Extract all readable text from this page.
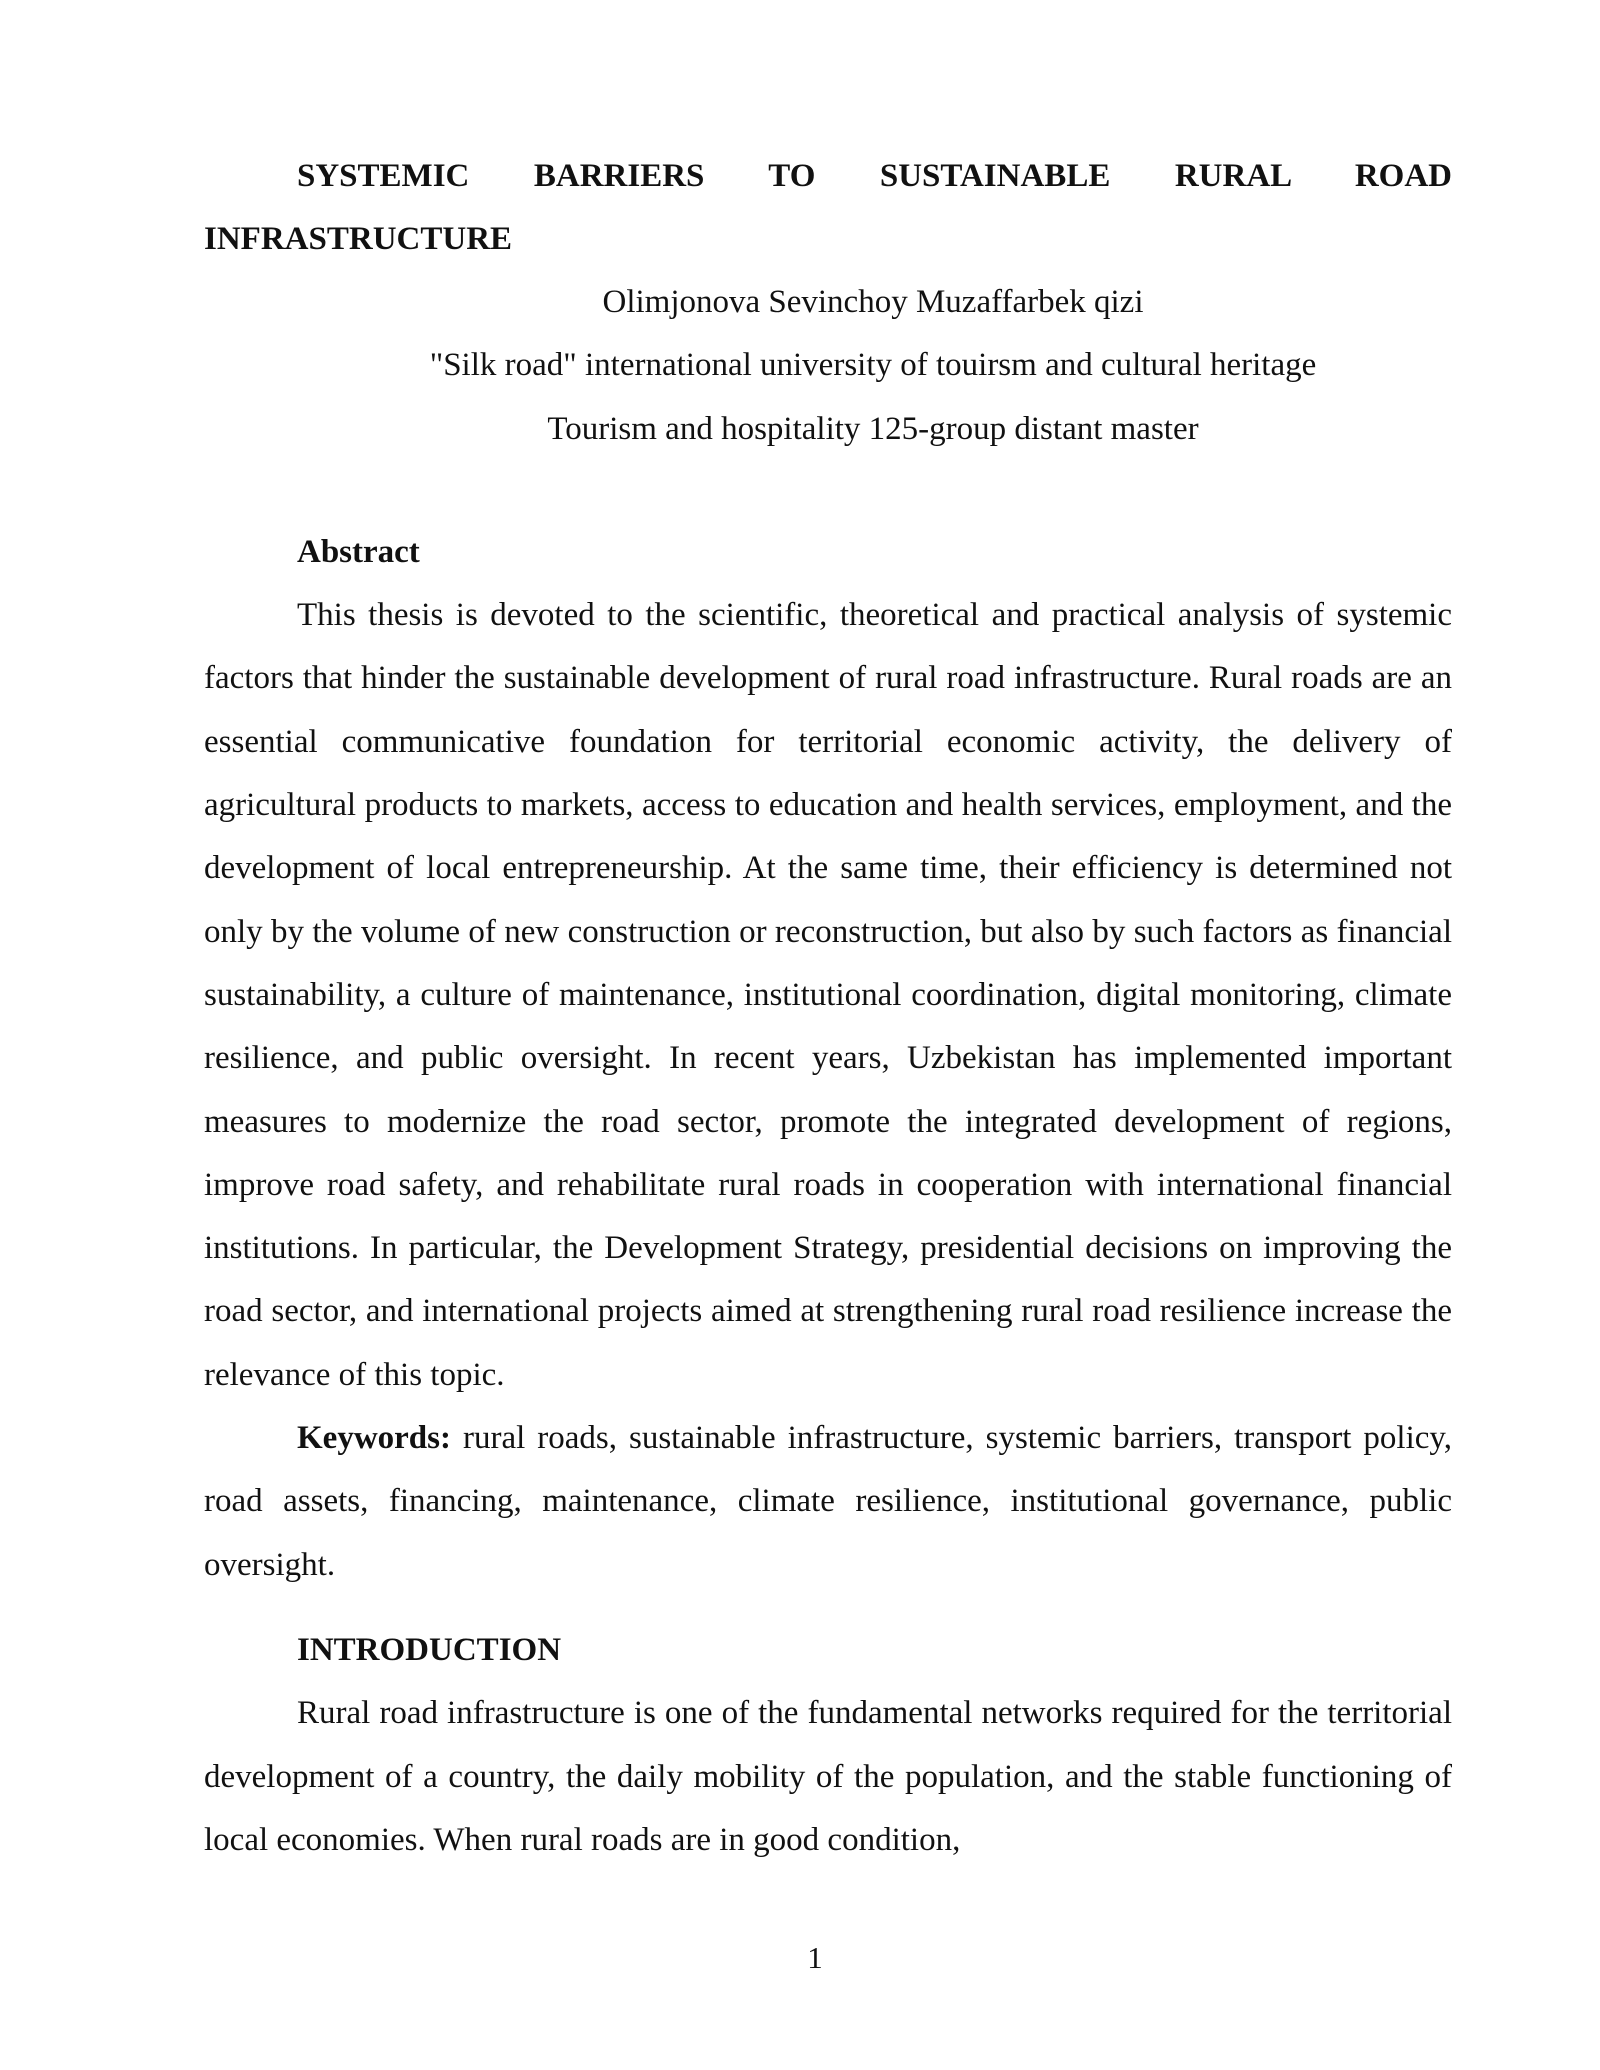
SYSTEMIC BARRIERS TO SUSTAINABLE RURAL ROAD
INFRASTRUCTURE

Olimjonova Sevinchoy Muzaffarbek qizi

"Silk road" international university of touirsm and cultural heritage

Tourism and hospitality 125-group distant master

Abstract

This thesis is devoted to the scientific, theoretical and practical analysis of systemic factors that hinder the sustainable development of rural road infrastructure. Rural roads are an essential communicative foundation for territorial economic activity, the delivery of agricultural products to markets, access to education and health services, employment, and the development of local entrepreneurship. At the same time, their efficiency is determined not only by the volume of new construction or reconstruction, but also by such factors as financial sustainability, a culture of maintenance, institutional coordination, digital monitoring, climate resilience, and public oversight. In recent years, Uzbekistan has implemented important measures to modernize the road sector, promote the integrated development of regions, improve road safety, and rehabilitate rural roads in cooperation with international financial institutions. In particular, the Development Strategy, presidential decisions on improving the road sector, and international projects aimed at strengthening rural road resilience increase the relevance of this topic.

Keywords: rural roads, sustainable infrastructure, systemic barriers, transport policy, road assets, financing, maintenance, climate resilience, institutional governance, public oversight.

INTRODUCTION

Rural road infrastructure is one of the fundamental networks required for the territorial development of a country, the daily mobility of the population, and the stable functioning of local economies. When rural roads are in good condition,

1
